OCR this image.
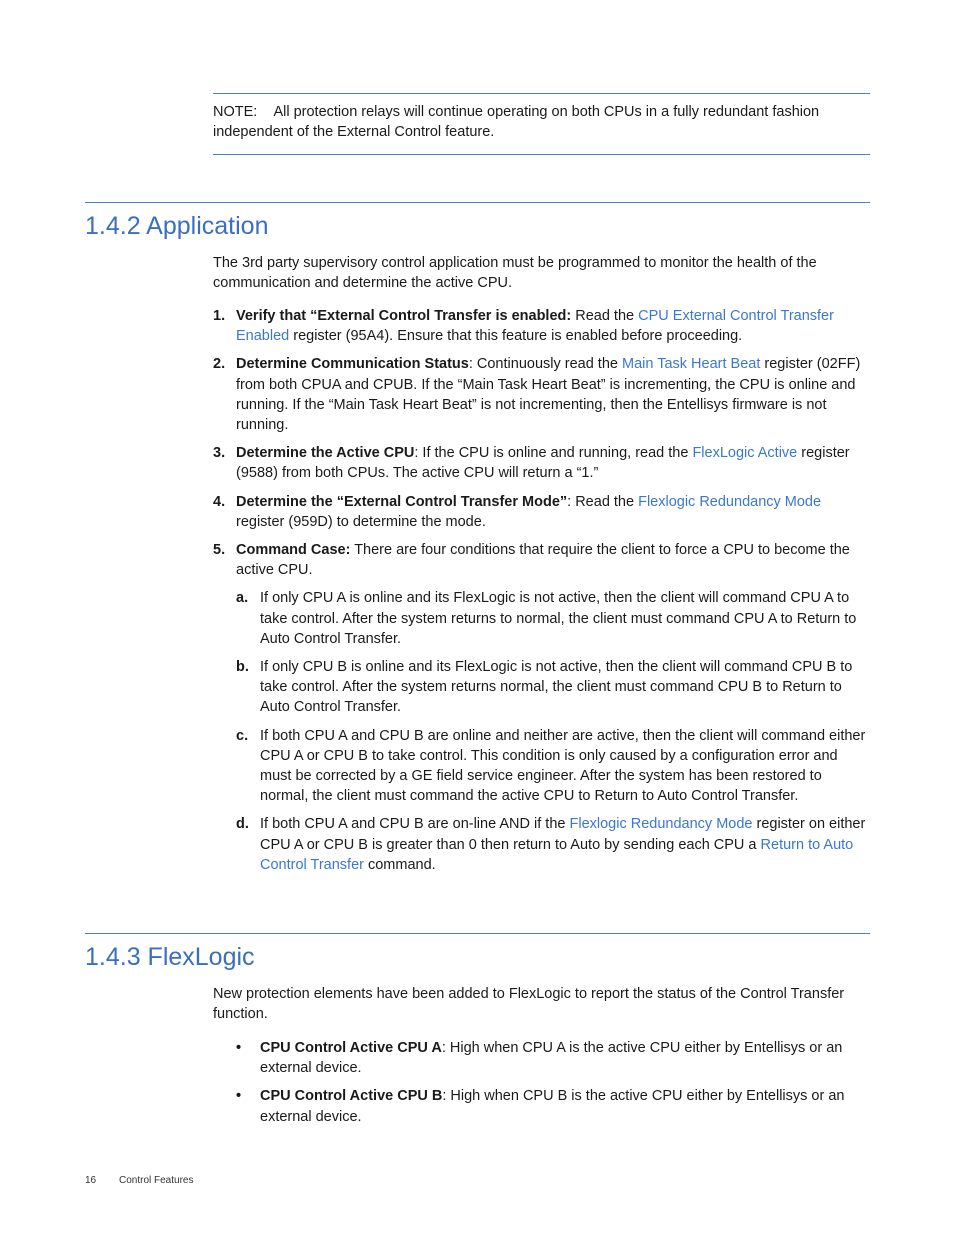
NOTE: All protection relays will continue operating on both CPUs in a fully redundant fashion independent of the External Control feature.
1.4.2 Application

The 3rd party supervisory control application must be programmed to monitor the health of the communication and determine the active CPU.

1. Verify that “External Control Transfer is enabled: Read the CPU External Control Transfer Enabled register (95A4). Ensure that this feature is enabled before proceeding.
2. Determine Communication Status: Continuously read the Main Task Heart Beat register (02FF) from both CPUA and CPUB. If the “Main Task Heart Beat” is incrementing, the CPU is online and running. If the “Main Task Heart Beat” is not incrementing, then the Entellisys firmware is not running.
3. Determine the Active CPU: If the CPU is online and running, read the FlexLogic Active register (9588) from both CPUs. The active CPU will return a “1.”
4. Determine the “External Control Transfer Mode”: Read the Flexlogic Redundancy Mode register (959D) to determine the mode.
5. Command Case: There are four conditions that require the client to force a CPU to become the active CPU.
a. If only CPU A is online and its FlexLogic is not active, then the client will command CPU A to take control. After the system returns to normal, the client must command CPU A to Return to Auto Control Transfer.
b. If only CPU B is online and its FlexLogic is not active, then the client will command CPU B to take control. After the system returns normal, the client must command CPU B to Return to Auto Control Transfer.
c. If both CPU A and CPU B are online and neither are active, then the client will command either CPU A or CPU B to take control. This condition is only caused by a configuration error and must be corrected by a GE field service engineer. After the system has been restored to normal, the client must command the active CPU to Return to Auto Control Transfer.
d. If both CPU A and CPU B are on-line AND if the Flexlogic Redundancy Mode register on either CPU A or CPU B is greater than 0 then return to Auto by sending each CPU a Return to Auto Control Transfer command.
1.4.3 FlexLogic

New protection elements have been added to FlexLogic to report the status of the Control Transfer function.

• CPU Control Active CPU A: High when CPU A is the active CPU either by Entellisys or an external device.
• CPU Control Active CPU B: High when CPU B is the active CPU either by Entellisys or an external device.
16 Control Features
